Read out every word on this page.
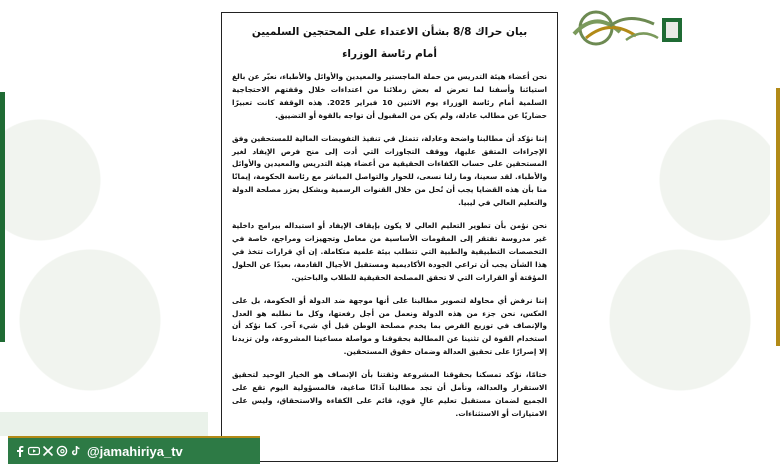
بيان حراك 8/8 بشأن الاعتداء على المحتجين السلميين
أمام رئاسة الوزراء

نحن أعضاء هيئة التدريس من حملة الماجستير والمعيدين والأوائل والأطباء، نعبّر عن بالغ استيائنا وأسفنا لما تعرض له بعض زملائنا من اعتداءات خلال وقفتهم الاحتجاجية السلمية أمام رئاسة الوزراء يوم الاثنين 10 فبراير 2025. هذه الوقفة كانت تعبيرًا حضاريًا عن مطالب عادلة، ولم يكن من المقبول أن تواجه بالقوة أو التضييق.

إننا نؤكد أن مطالبنا واضحة وعادلة، تتمثل في تنفيذ التفويضات المالية للمستحقين وفق الإجراءات المتفق عليها، ووقف التجاوزات التي أدت إلى منح فرص الإيفاد لغير المستحقين على حساب الكفاءات الحقيقية من أعضاء هيئة التدريس والمعيدين والأوائل والأطباء. لقد سعينا، وما زلنا نسعى، للحوار والتواصل المباشر مع رئاسة الحكومة، إيمانًا منا بأن هذه القضايا يجب أن تُحل من خلال القنوات الرسمية وبشكل يعزز مصلحة الدولة والتعليم العالي في ليبيا.

نحن نؤمن بأن تطوير التعليم العالي لا يكون بإيقاف الإيفاد أو استبداله ببرامج داخلية غير مدروسة تفتقر إلى المقومات الأساسية من معامل وتجهيزات ومراجع، خاصة في التخصصات التطبيقية والطبية التي تتطلب بيئة علمية متكاملة. إن أي قرارات تتخذ في هذا الشأن يجب أن تراعي الجودة الأكاديمية ومستقبل الأجيال القادمة، بعيدًا عن الحلول المؤقتة أو القرارات التي لا تحقق المصلحة الحقيقية للطلاب والباحثين.

إننا نرفض أي محاولة لتصوير مطالبنا على أنها موجهة ضد الدولة أو الحكومة، بل على العكس، نحن جزء من هذه الدولة ونعمل من أجل رفعتها، وكل ما نطلبه هو العدل والإنصاف في توزيع الفرص بما يخدم مصلحة الوطن قبل أي شيء آخر. كما نؤكد أن استخدام القوة لن تثنينا عن المطالبة بحقوقنا و مواصلة مساعينا المشروعة، ولن تزيدنا إلا إصرارًا على تحقيق العدالة وضمان حقوق المستحقين.

ختامًا، نؤكد تمسكنا بحقوقنا المشروعة وثقتنا بأن الإنصاف هو الخيار الوحيد لتحقيق الاستقرار والعدالة، ونأمل أن تجد مطالبنا آذانًا صاغية، فالمسؤولية اليوم تقع على الجميع لضمان مستقبل تعليم عالٍ قوي، قائم على الكفاءة والاستحقاق، وليس على الامتيازات أو الاستثناءات.

@jamahiriya_tv
